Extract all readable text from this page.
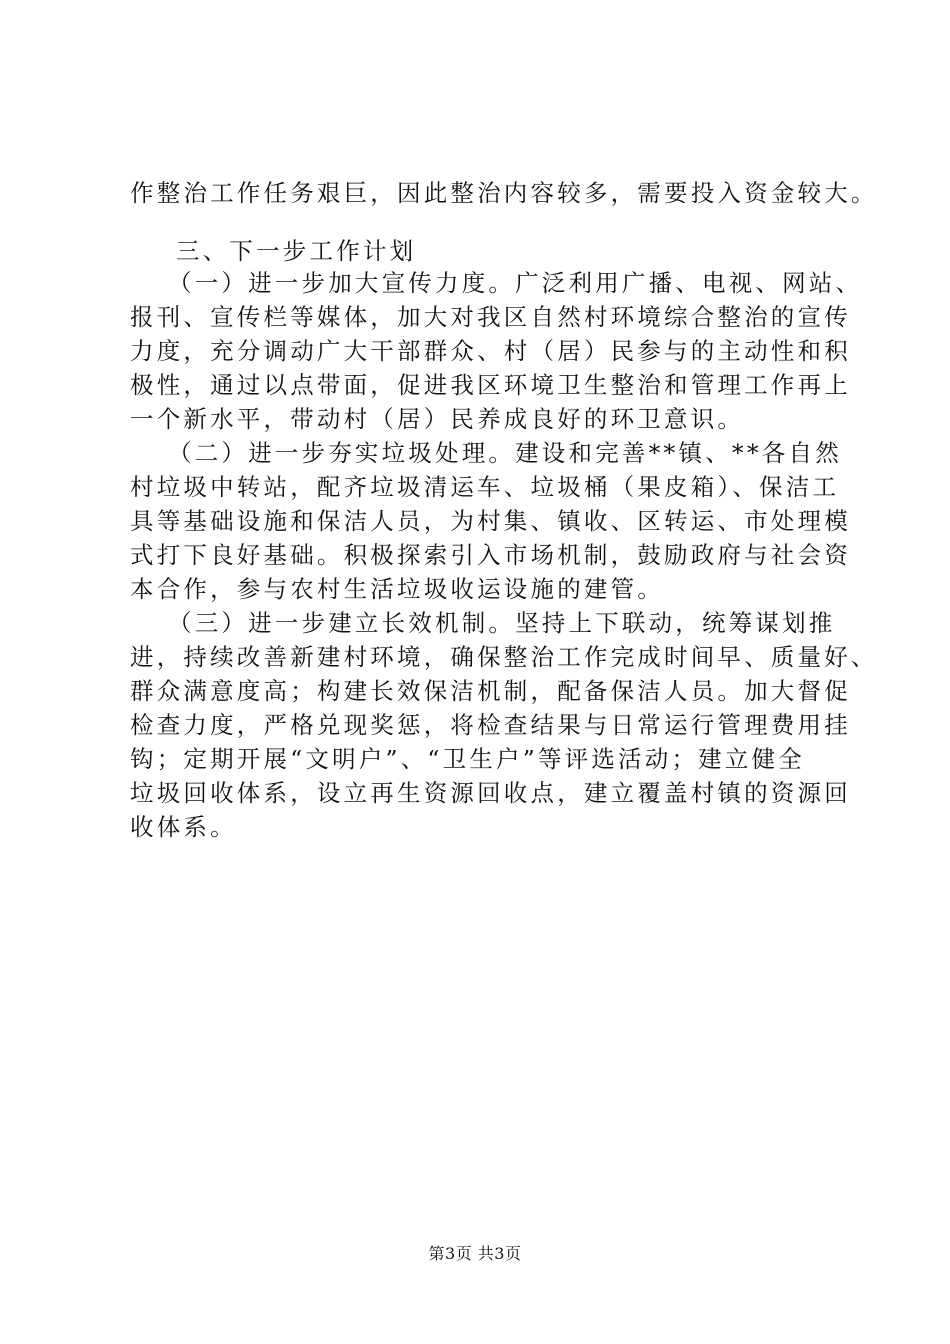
作整治工作任务艰巨，因此整治内容较多，需要投入资金较大。
三、下一步工作计划
（一）进一步加大宣传力度。广泛利用广播、电视、网站、
报刊、宣传栏等媒体，加大对我区自然村环境综合整治的宣传
力度，充分调动广大干部群众、村（居）民参与的主动性和积
极性，通过以点带面，促进我区环境卫生整治和管理工作再上
一个新水平，带动村（居）民养成良好的环卫意识。
（二）进一步夯实垃圾处理。建设和完善**镇、**各自然
村垃圾中转站，配齐垃圾清运车、垃圾桶（果皮箱）、保洁工
具等基础设施和保洁人员，为村集、镇收、区转运、市处理模
式打下良好基础。积极探索引入市场机制，鼓励政府与社会资
本合作，参与农村生活垃圾收运设施的建管。
（三）进一步建立长效机制。坚持上下联动，统筹谋划推
进，持续改善新建村环境，确保整治工作完成时间早、质量好、
群众满意度高；构建长效保洁机制，配备保洁人员。加大督促
检查力度，严格兑现奖惩，将检查结果与日常运行管理费用挂
钩；定期开展“文明户”、“卫生户”等评选活动；建立健全
垃圾回收体系，设立再生资源回收点，建立覆盖村镇的资源回
收体系。
第3页 共3页
